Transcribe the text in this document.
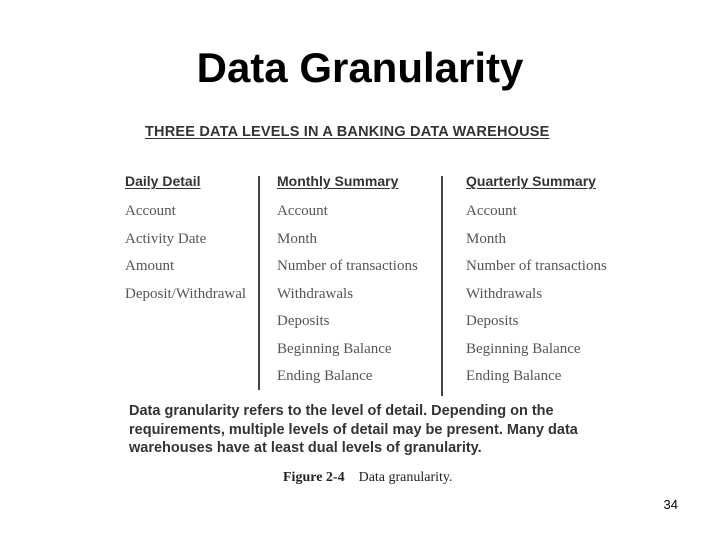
Data Granularity
THREE DATA LEVELS IN A BANKING DATA WAREHOUSE
Daily Detail
Account
Activity Date
Amount
Deposit/Withdrawal
Monthly Summary
Account
Month
Number of transactions
Withdrawals
Deposits
Beginning Balance
Ending Balance
Quarterly Summary
Account
Month
Number of transactions
Withdrawals
Deposits
Beginning Balance
Ending Balance
Data granularity refers to the level of detail. Depending on the requirements, multiple levels of detail may be present. Many data warehouses have at least dual levels of granularity.
Figure 2-4 Data granularity.
34
